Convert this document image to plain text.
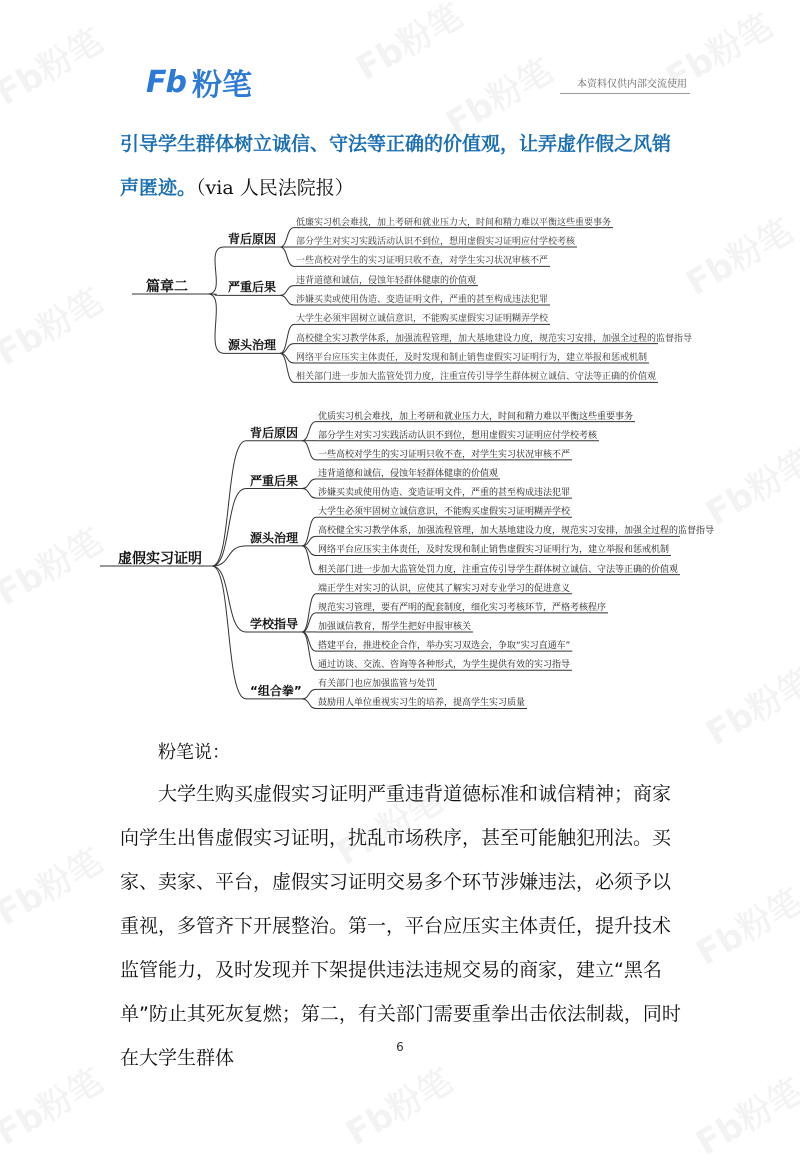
Fb 粉笔	本资料仅供内部交流使用
引导学生群体树立诚信、守法等正确的价值观，让弄虚作假之风销声匿迹。（via 人民法院报）
篇章二
背后原因
低廉实习机会难找，加上考研和就业压力大，时间和精力难以平衡这些重要事务
部分学生对实习实践活动认识不到位，想用虚假实习证明应付学校考核
一些高校对学生的实习证明只收不查，对学生实习状况审核不严
严重后果 违背道德和诚信，侵蚀年轻群体健康的价值观
涉嫌买卖或使用伪造、变造证明文件，严重的甚至构成违法犯罪
源头治理
大学生必须牢固树立诚信意识，不能购买虚假实习证明糊弄学校
高校健全实习教学体系，加强流程管理，加大基地建设力度，规范实习安排，加强全过程的监督指导
网络平台应压实主体责任，及时发现和制止销售虚假实习证明行为，建立举报和惩戒机制
相关部门进一步加大监管处罚力度，注重宣传引导学生群体树立诚信、守法等正确的价值观
虚假实习证明
背后原因
优质实习机会难找，加上考研和就业压力大，时间和精力难以平衡这些重要事务
部分学生对实习实践活动认识不到位，想用虚假实习证明应付学校考核
一些高校对学生的实习证明只收不查，对学生实习状况审核不严
严重后果 违背道德和诚信，侵蚀年轻群体健康的价值观
涉嫌买卖或使用伪造、变造证明文件，严重的甚至构成违法犯罪
源头治理
大学生必须牢固树立诚信意识，不能购买虚假实习证明糊弄学校
高校健全实习教学体系，加强流程管理，加大基地建设力度，规范实习安排，加强全过程的监督指导
网络平台应压实主体责任，及时发现和制止销售虚假实习证明行为，建立举报和惩戒机制
相关部门进一步加大监管处罚力度，注重宣传引导学生群体树立诚信、守法等正确的价值观
学校指导
端正学生对实习的认识，应使其了解实习对专业学习的促进意义
规范实习管理，要有严明的配套制度，细化实习考核环节，严格考核程序
加强诚信教育，帮学生把好申报审核关
搭建平台，推进校企合作，举办实习双选会，争取“实习直通车”
通过访谈、交流、咨询等各种形式，为学生提供有效的实习指导
“组合拳” 有关部门也应加强监管与处罚
鼓励用人单位重视实习生的培养，提高学生实习质量
粉笔说：
大学生购买虚假实习证明严重违背道德标准和诚信精神；商家向学生出售虚假实习证明，扰乱市场秩序，甚至可能触犯刑法。买家、卖家、平台，虚假实习证明交易多个环节涉嫌违法，必须予以重视，多管齐下开展整治。第一，平台应压实主体责任，提升技术监管能力，及时发现并下架提供违法违规交易的商家，建立“黑名单”防止其死灰复燃；第二，有关部门需要重拳出击依法制裁，同时在大学生群体	6
